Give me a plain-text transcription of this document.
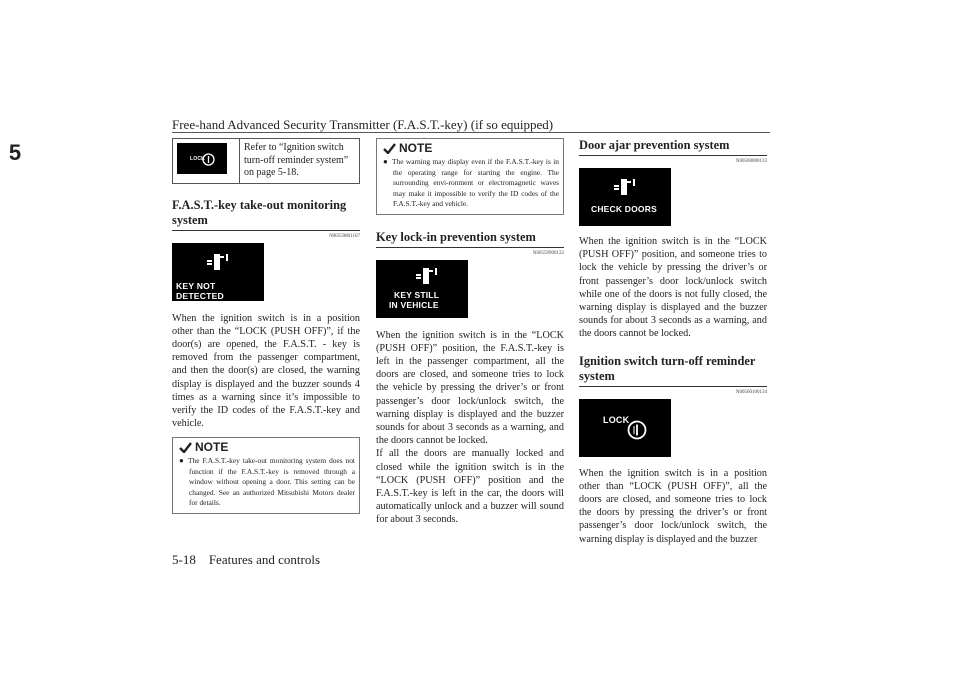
Free-hand Advanced Security Transmitter (F.A.S.T.-key) (if so equipped)
5	LOCK

Refer to “Ignition switch turn-off reminder system” on page 5-18.
F.A.S.T.-key take-out monitoring system
N00559801167
KEY NOT DETECTED

When the ignition switch is in a position other than the “LOCK (PUSH OFF)”, if the door(s) are opened, the F.A.S.T. - key is removed from the passenger compartment, and then the door(s) are closed, the warning display is displayed and the buzzer sounds 4 times as a warning since it’s impossible to verify the ID codes of the F.A.S.T.-key and vehicle.

NOTE

● The F.A.S.T.-key take-out monitoring system does not function if the F.A.S.T.-key is removed through a window without opening a door. This setting can be changed. See an authorized Mitsubishi Motors dealer for details.

NOTE

● The warning may display even if the F.A.S.T.-key is in the operating range for starting the engine. The surrounding envi-ronment or electromagnetic waves may make it impossible to verify the ID codes of the F.A.S.T.-key and vehicle.

Key lock-in prevention system
N00559900132
KEY STILL
IN VEHICLE

When the ignition switch is in the “LOCK (PUSH OFF)” position, the F.A.S.T.-key is left in the passenger compartment, all the doors are closed, and someone tries to lock the vehicle by pressing the driver’s or front passenger’s door lock/unlock switch, the warning display is displayed and the buzzer sounds for about 3 seconds as a warning, and the doors cannot be locked.

If all the doors are manually locked and closed while the ignition switch is in the “LOCK (PUSH OFF)” position and the F.A.S.T.-key is left in the car, the doors will automatically unlock and a buzzer will sound for about 3 seconds.

Door ajar prevention system
N00560000133
CHECK DOORS

When the ignition switch is in the “LOCK (PUSH OFF)” position, and someone tries to lock the vehicle by pressing the driver’s or front passenger’s door lock/unlock switch while one of the doors is not fully closed, the warning display is displayed and the buzzer sounds for about 3 seconds as a warning, and the doors cannot be locked.

Ignition switch turn-off reminder system
N00560100134
LOCK

When the ignition switch is in a position other than “LOCK (PUSH OFF)”, all the doors are closed, and someone tries to lock the doors by pressing the driver’s or front passenger’s door lock/unlock switch, the warning display is displayed and the buzzer

5-18    Features and controls
